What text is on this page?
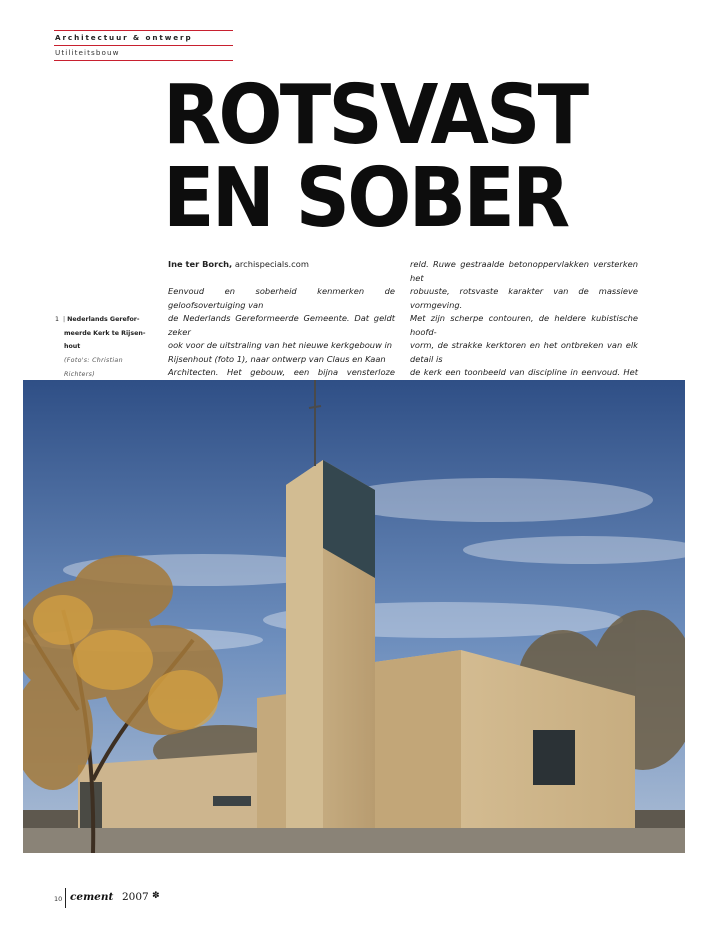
Architectuur & ontwerp
Utiliteitsbouw
ROTSVAST
EN SOBER
1 | Nederlands Gerefor-
meerde Kerk te Rijsen-
hout
(Foto's: Christian Richters)

Ine ter Borch, archispecials.com

Eenvoud en soberheid kenmerken de geloofsovertuiging van
de Nederlands Gereformeerde Gemeente. Dat geldt zeker
ook voor de uitstraling van het nieuwe kerkgebouw in
Rijsenhout (foto 1), naar ontwerp van Claus en Kaan
Architecten. Het gebouw, een bijna vensterloze
reld. Ruwe gestraalde betonoppervlakken versterken het
robuuste, rotsvaste karakter van de massieve vormgeving.
Met zijn scherpe contouren, de heldere kubistische hoofd-
vorm, de strakke kerktoren en het ontbreken van elk detail is
de kerk een toonbeeld van discipline in eenvoud. Het
10 cement 2007 ✽
